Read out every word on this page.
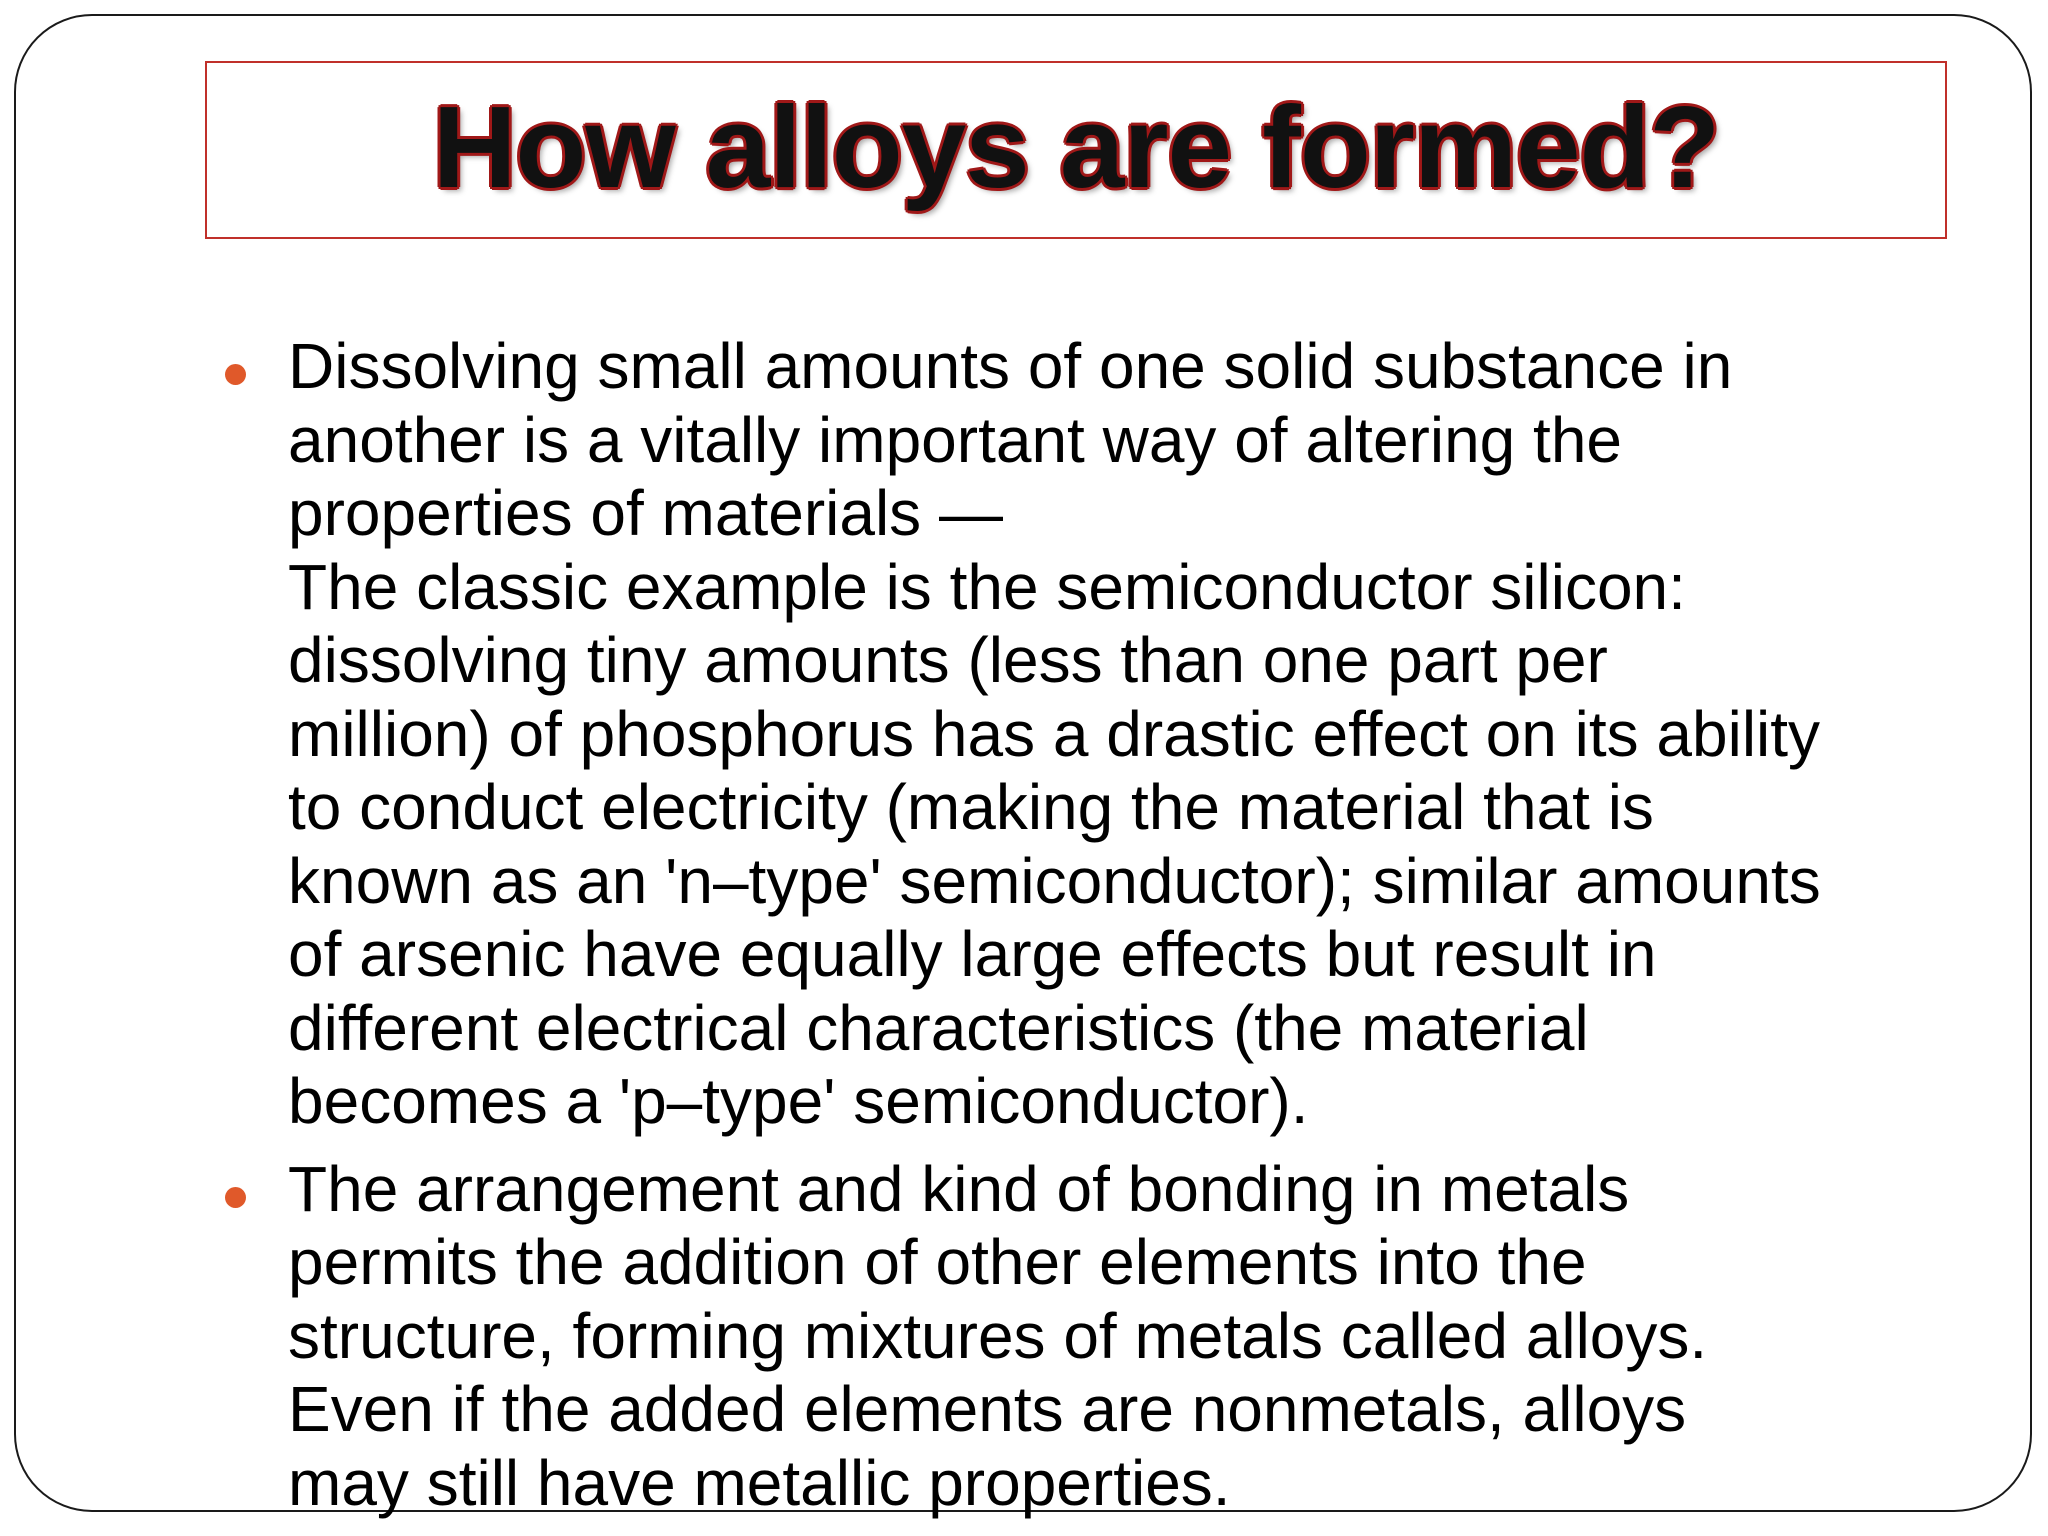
How alloys are formed?
Dissolving small amounts of one solid substance in
another is a vitally important way of altering the
properties of materials —
The classic example is the semiconductor silicon:
dissolving tiny amounts (less than one part per
million) of phosphorus has a drastic effect on its ability
to conduct electricity (making the material that is
known as an 'n–type' semiconductor); similar amounts
of arsenic have equally large effects but result in
different electrical characteristics (the material
becomes a 'p–type' semiconductor).
The arrangement and kind of bonding in metals
permits the addition of other elements into the
structure, forming mixtures of metals called alloys.
Even if the added elements are nonmetals, alloys
may still have metallic properties.
